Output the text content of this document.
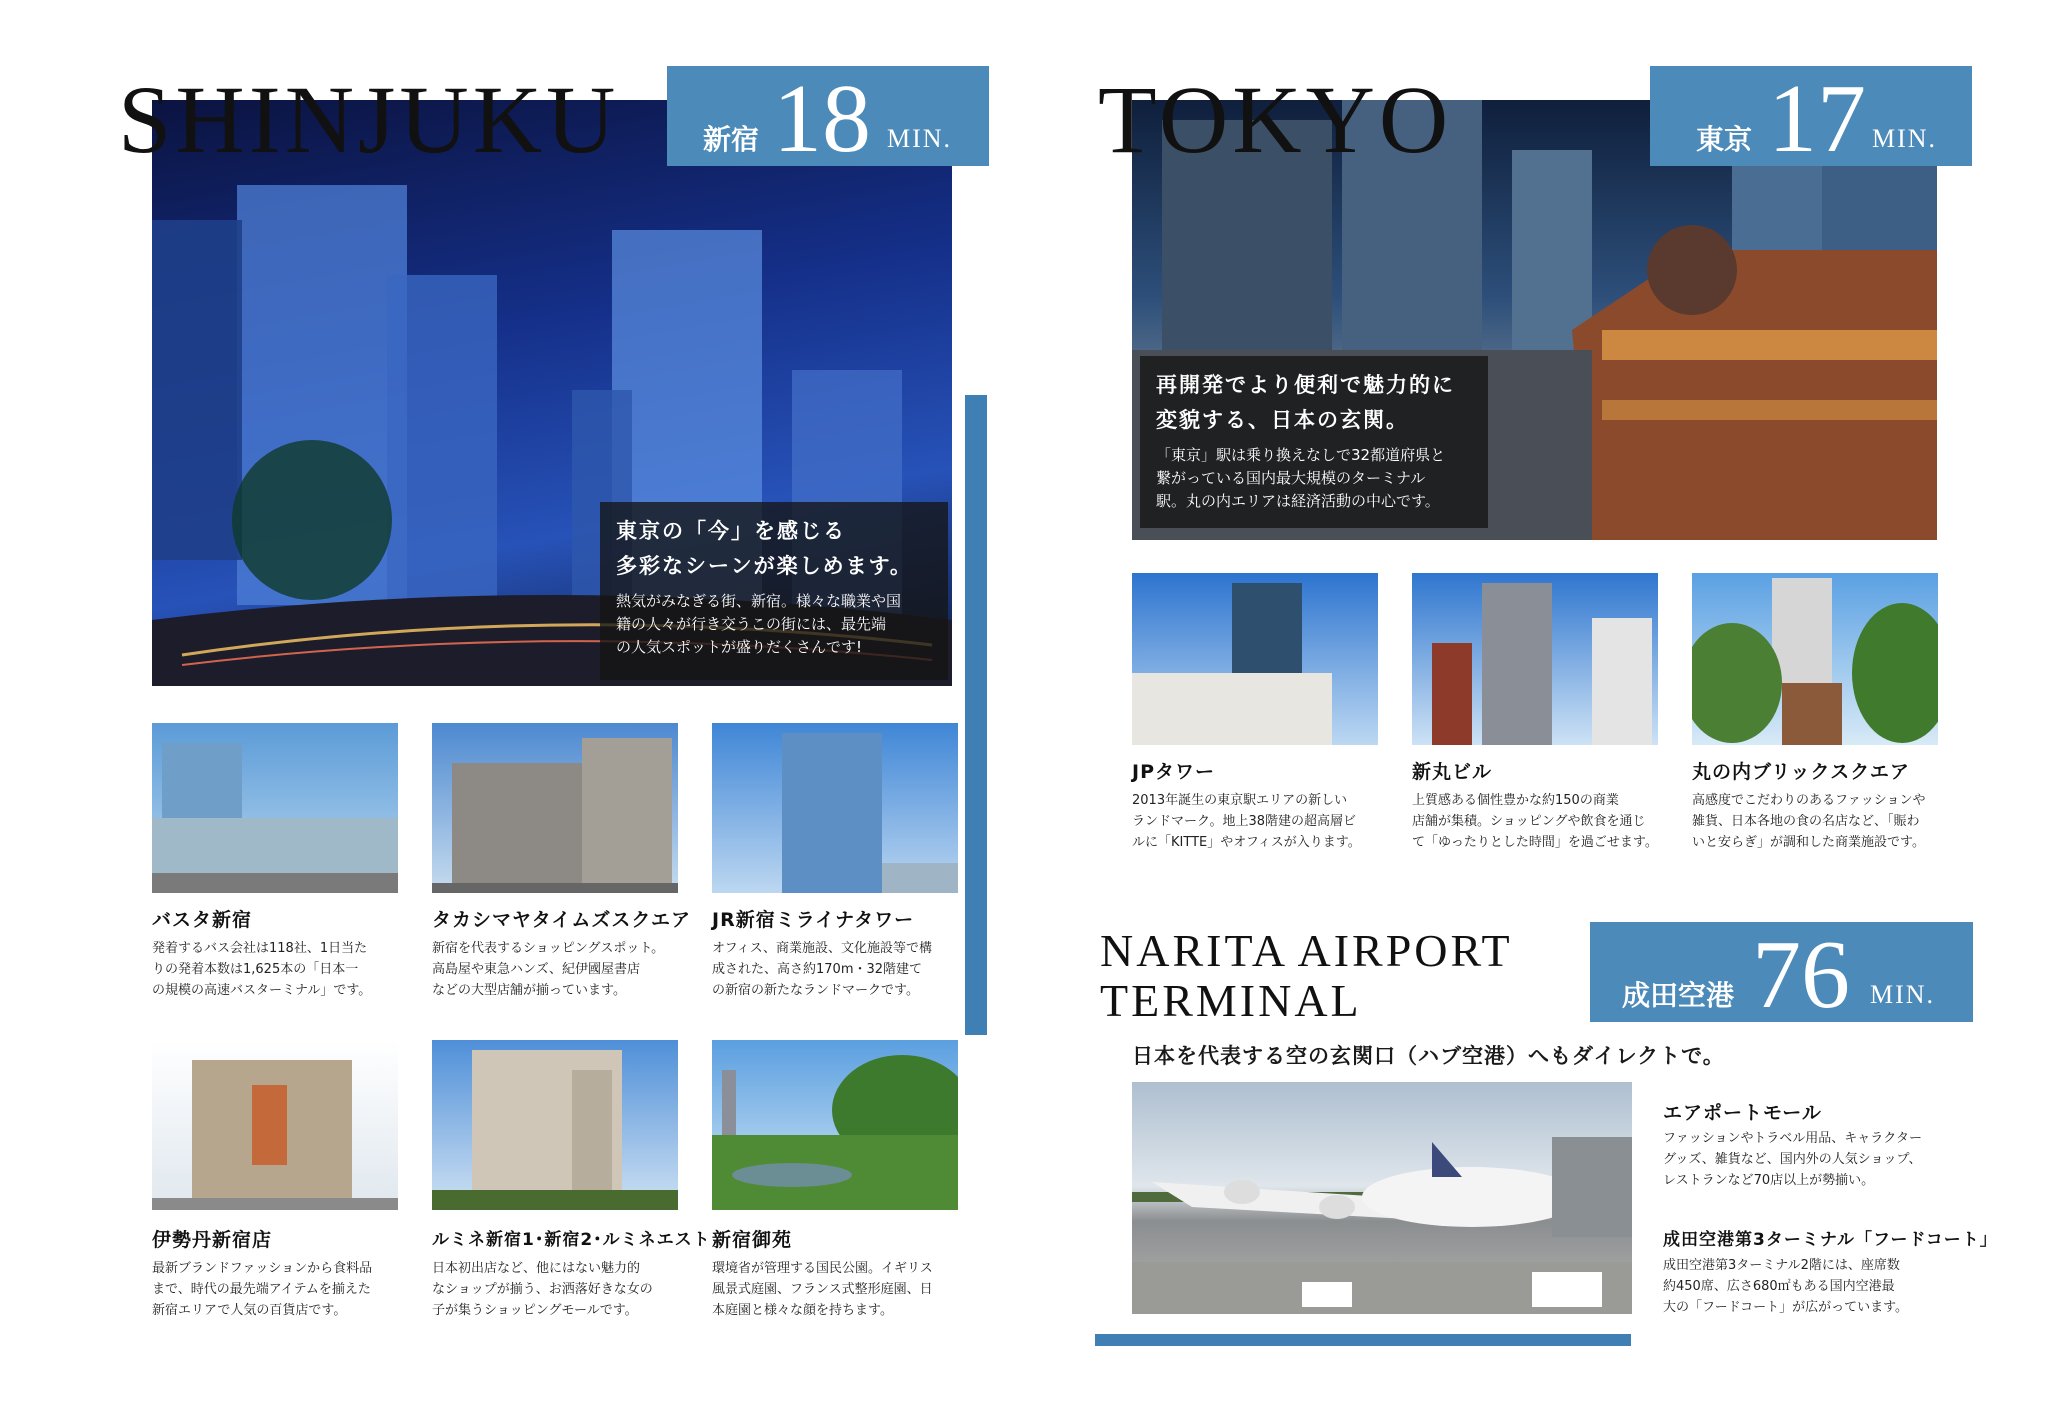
SHINJUKU	新宿 18 MIN.
東京の「今」を感じる
多彩なシーンが楽しめます。
熱気がみなぎる街、新宿。様々な職業や国
籍の人々が行き交うこの街には、最先端
の人気スポットが盛りだくさんです!
バスタ新宿
発着するバス会社は118社、1日当た
りの発着本数は1,625本の「日本一
の規模の高速バスターミナル」です。
タカシマヤタイムズスクエア
新宿を代表するショッピングスポット。
高島屋や東急ハンズ、紀伊國屋書店
などの大型店舗が揃っています。
JR新宿ミライナタワー
オフィス、商業施設、文化施設等で構
成された、高さ約170m・32階建て
の新宿の新たなランドマークです。
伊勢丹新宿店
最新ブランドファッションから食料品
まで、時代の最先端アイテムを揃えた
新宿エリアで人気の百貨店です。
ルミネ新宿1･新宿2･ルミネエスト
日本初出店など、他にはない魅力的
なショップが揃う、お洒落好きな女の
子が集うショッピングモールです。
新宿御苑
環境省が管理する国民公園。イギリス
風景式庭園、フランス式整形庭園、日
本庭園と様々な顔を持ちます。
TOKYO	東京 17 MIN.
再開発でより便利で魅力的に
変貌する、日本の玄関。
「東京」駅は乗り換えなしで32都道府県と
繋がっている国内最大規模のターミナル
駅。丸の内エリアは経済活動の中心です。
JPタワー
2013年誕生の東京駅エリアの新しい
ランドマーク。地上38階建の超高層ビ
ルに「KITTE」やオフィスが入ります。
新丸ビル
上質感ある個性豊かな約150の商業
店舗が集積。ショッピングや飲食を通じ
て「ゆったりとした時間」を過ごせます。
丸の内ブリックスクエア
高感度でこだわりのあるファッションや
雑貨、日本各地の食の名店など、「賑わ
いと安らぎ」が調和した商業施設です。
NARITA AIRPORT
TERMINAL	成田空港 76 MIN.
日本を代表する空の玄関口（ハブ空港）へもダイレクトで。
エアポートモール
ファッションやトラベル用品、キャラクター
グッズ、雑貨など、国内外の人気ショップ、
レストランなど70店以上が勢揃い。
成田空港第3ターミナル「フードコート」
成田空港第3ターミナル2階には、座席数
約450席、広さ680㎡もある国内空港最
大の「フードコート」が広がっています。
